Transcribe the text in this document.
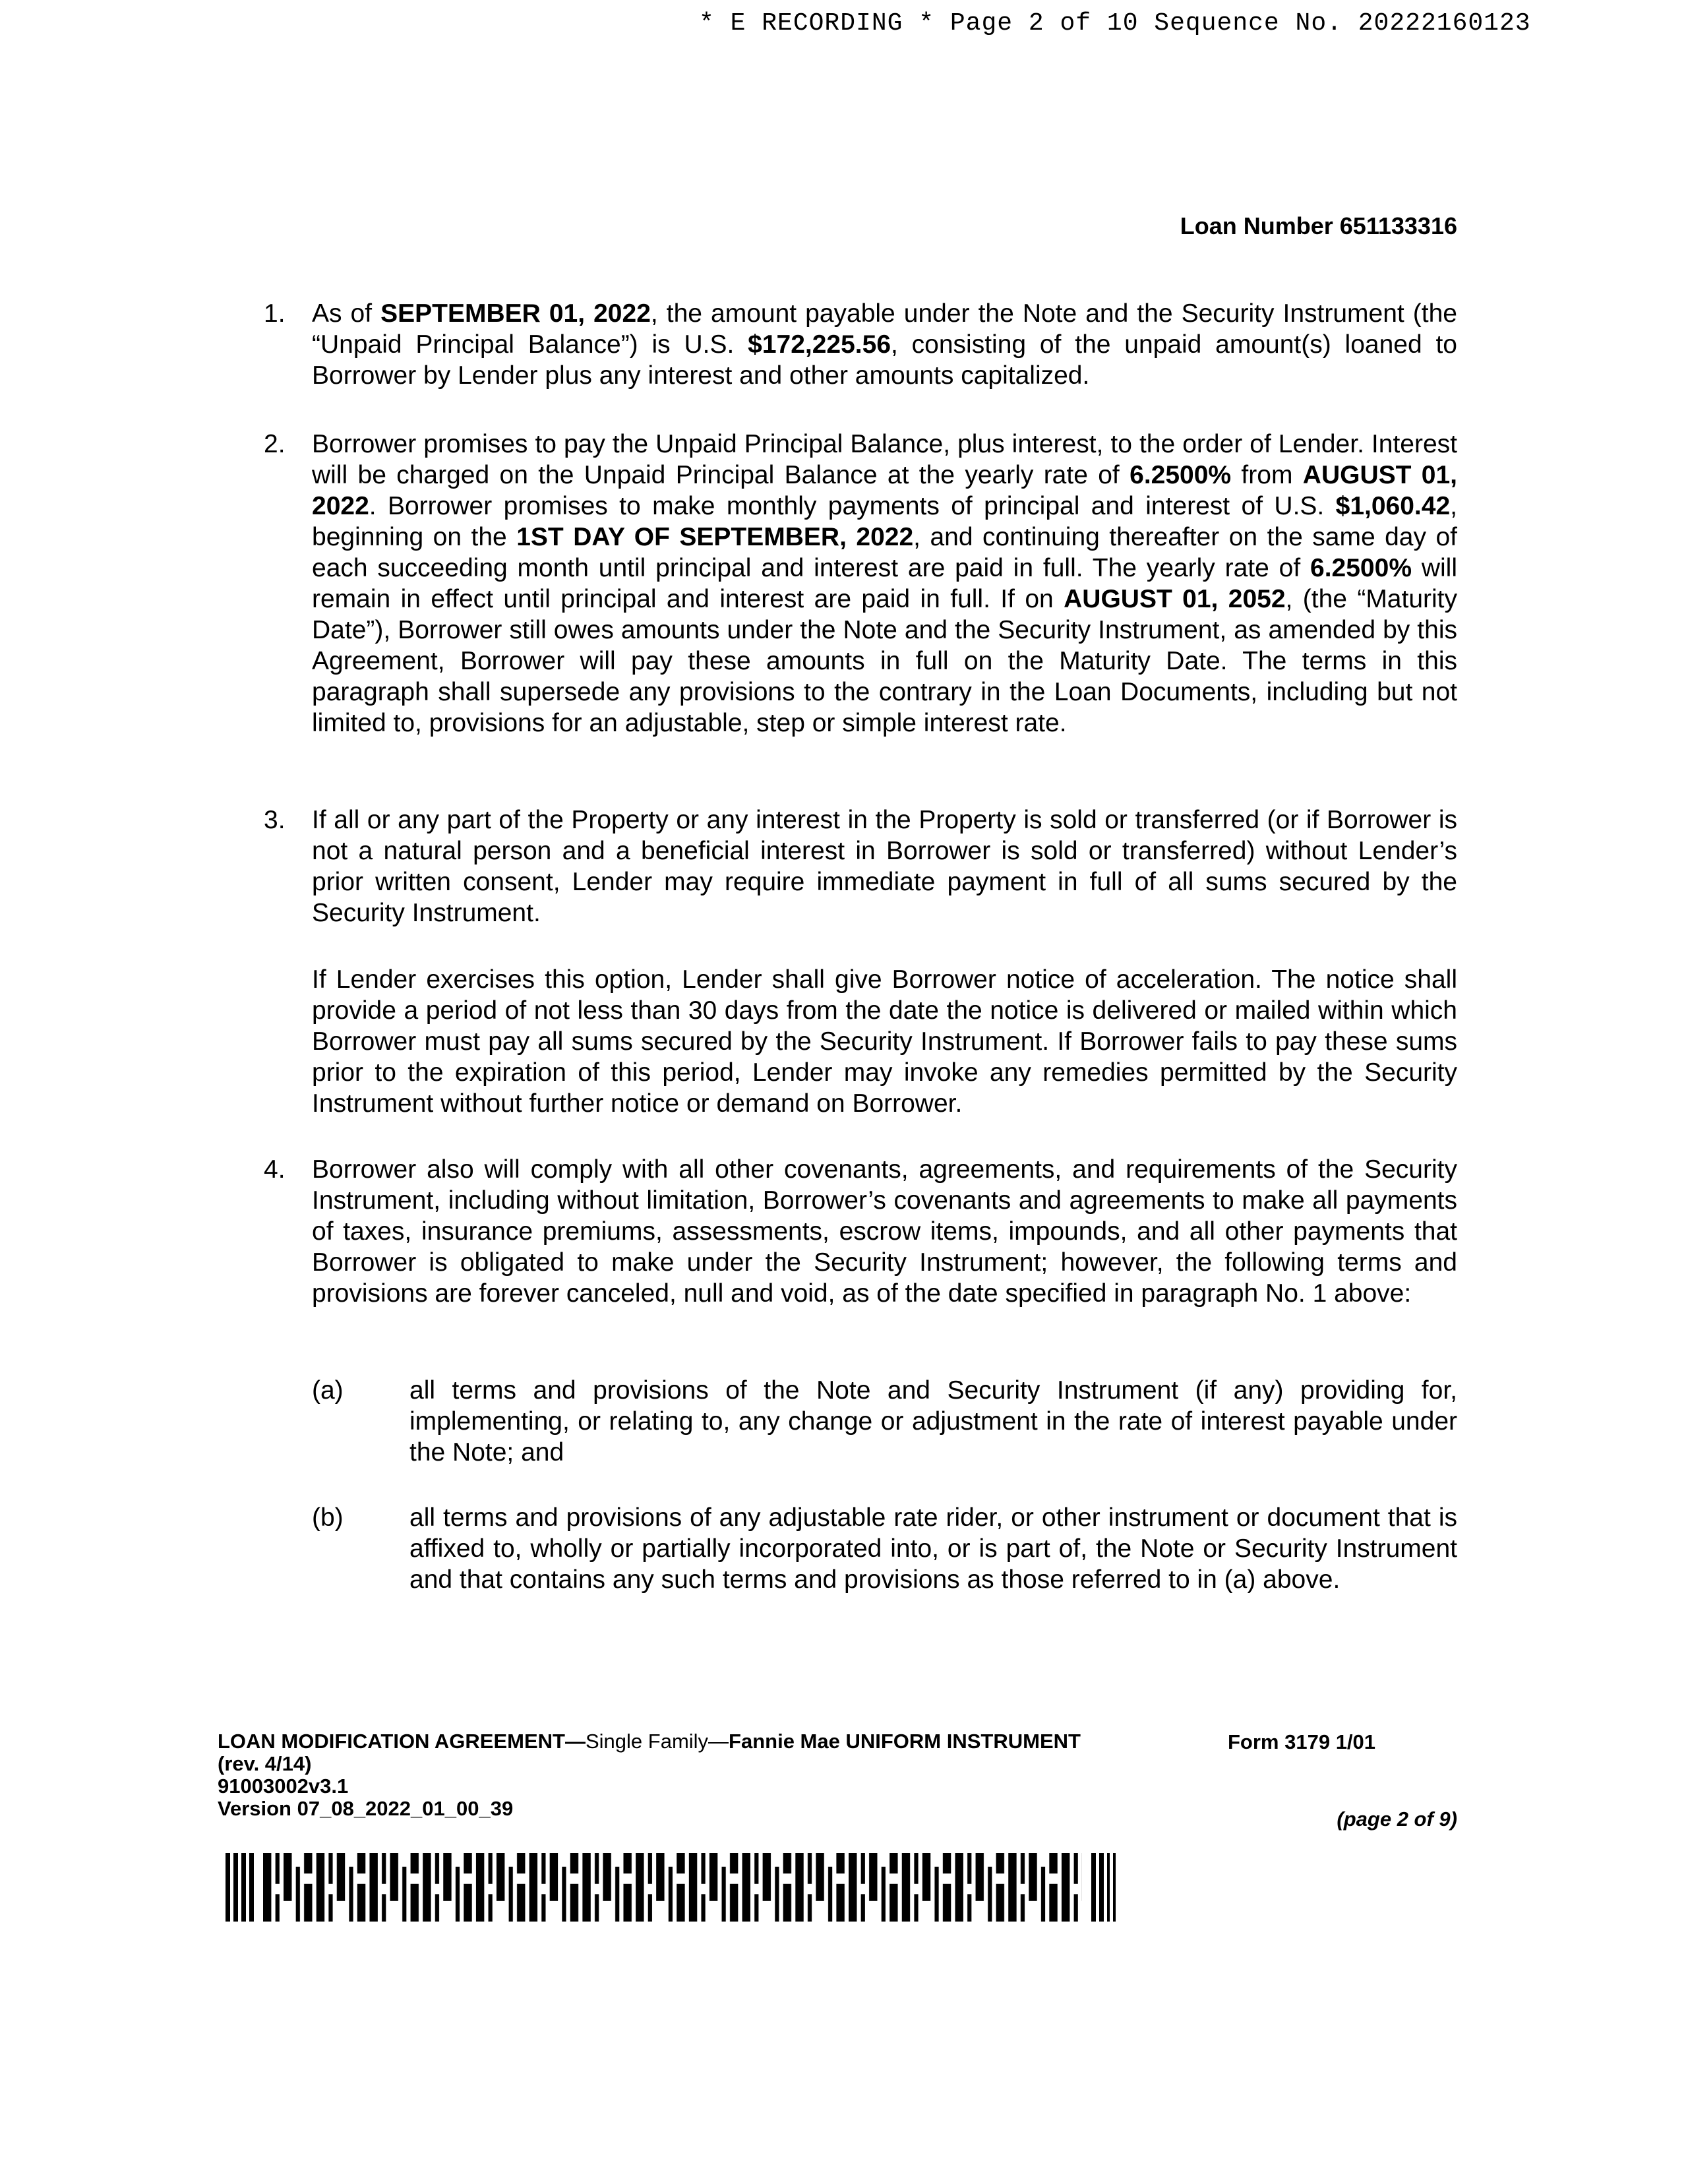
* E RECORDING * Page 2 of 10 Sequence No. 20222160123
Loan Number 651133316
1.	As of SEPTEMBER 01, 2022, the amount payable under the Note and the Security Instrument (the “Unpaid Principal Balance”) is U.S. $172,225.56, consisting of the unpaid amount(s) loaned to Borrower by Lender plus any interest and other amounts capitalized.
2.	Borrower promises to pay the Unpaid Principal Balance, plus interest, to the order of Lender. Interest will be charged on the Unpaid Principal Balance at the yearly rate of 6.2500% from AUGUST 01, 2022. Borrower promises to make monthly payments of principal and interest of U.S. $1,060.42, beginning on the 1ST DAY OF SEPTEMBER, 2022, and continuing thereafter on the same day of each succeeding month until principal and interest are paid in full. The yearly rate of 6.2500% will remain in effect until principal and interest are paid in full. If on AUGUST 01, 2052, (the “Maturity Date”), Borrower still owes amounts under the Note and the Security Instrument, as amended by this Agreement, Borrower will pay these amounts in full on the Maturity Date. The terms in this paragraph shall supersede any provisions to the contrary in the Loan Documents, including but not limited to, provisions for an adjustable, step or simple interest rate.
3.	If all or any part of the Property or any interest in the Property is sold or transferred (or if Borrower is not a natural person and a beneficial interest in Borrower is sold or transferred) without Lender’s prior written consent, Lender may require immediate payment in full of all sums secured by the Security Instrument.
If Lender exercises this option, Lender shall give Borrower notice of acceleration. The notice shall provide a period of not less than 30 days from the date the notice is delivered or mailed within which Borrower must pay all sums secured by the Security Instrument. If Borrower fails to pay these sums prior to the expiration of this period, Lender may invoke any remedies permitted by the Security Instrument without further notice or demand on Borrower.
4.	Borrower also will comply with all other covenants, agreements, and requirements of the Security Instrument, including without limitation, Borrower’s covenants and agreements to make all payments of taxes, insurance premiums, assessments, escrow items, impounds, and all other payments that Borrower is obligated to make under the Security Instrument; however, the following terms and provisions are forever canceled, null and void, as of the date specified in paragraph No. 1 above:
(a)	all terms and provisions of the Note and Security Instrument (if any) providing for, implementing, or relating to, any change or adjustment in the rate of interest payable under the Note; and
(b)	all terms and provisions of any adjustable rate rider, or other instrument or document that is affixed to, wholly or partially incorporated into, or is part of, the Note or Security Instrument and that contains any such terms and provisions as those referred to in (a) above.
LOAN MODIFICATION AGREEMENT—Single Family—Fannie Mae UNIFORM INSTRUMENT
(rev. 4/14)
91003002v3.1
Version 07_08_2022_01_00_39
Form 3179 1/01
(page 2 of 9)
